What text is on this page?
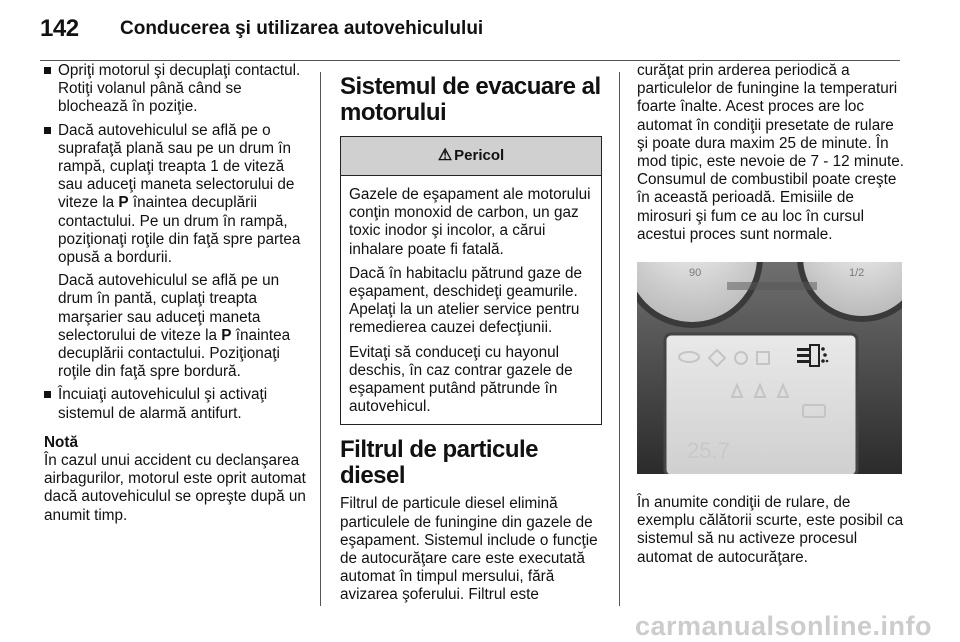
142 Conducerea şi utilizarea autovehiculului
Opriţi motorul şi decuplaţi contactul. Rotiţi volanul până când se blochează în poziţie.
Dacă autovehiculul se află pe o suprafaţă plană sau pe un drum în rampă, cuplaţi treapta 1 de viteză sau aduceţi maneta selectorului de viteze la P înaintea decuplării contactului. Pe un drum în rampă, poziţionaţi roţile din faţă spre partea opusă a bordurii.
Dacă autovehiculul se află pe un drum în pantă, cuplaţi treapta marşarier sau aduceţi maneta selectorului de viteze la P înaintea decuplării contactului. Poziţionaţi roţile din faţă spre bordură.
Încuiaţi autovehiculul şi activaţi sistemul de alarmă antifurt.
Notă

În cazul unui accident cu declanşarea airbagurilor, motorul este oprit automat dacă autovehiculul se opreşte după un anumit timp.

Sistemul de evacuare al motorului
⚠ Pericol

Gazele de eşapament ale motorului conţin monoxid de carbon, un gaz toxic inodor şi incolor, a cărui inhalare poate fi fatală.

Dacă în habitaclu pătrund gaze de eşapament, deschideţi geamurile. Apelaţi la un atelier service pentru remedierea cauzei defecţiunii.

Evitaţi să conduceţi cu hayonul deschis, în caz contrar gazele de eşapament putând pătrunde în autovehicul.

Filtrul de particule diesel

Filtrul de particule diesel elimină particulele de funingine din gazele de eşapament. Sistemul include o funcţie de autocurăţare care este executată automat în timpul mersului, fără avizarea şoferului. Filtrul este

curăţat prin arderea periodică a particulelor de funingine la temperaturi foarte înalte. Acest proces are loc automat în condiţii presetate de rulare şi poate dura maxim 25 de minute. În mod tipic, este nevoie de 7 - 12 minute. Consumul de combustibil poate creşte în această perioadă. Emisiile de mirosuri şi fum ce au loc în cursul acestui proces sunt normale.

90	1/2
25.7

În anumite condiţii de rulare, de exemplu călătorii scurte, este posibil ca sistemul să nu activeze procesul automat de autocurăţare.

carmanualsonline.info
